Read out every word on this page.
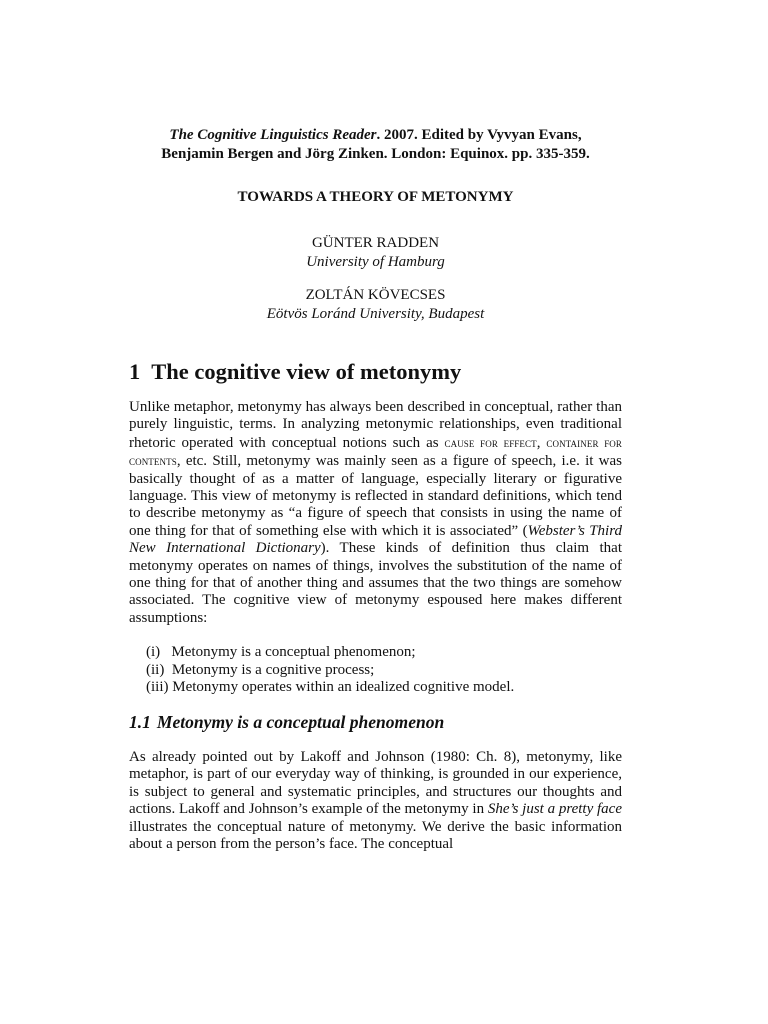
The Cognitive Linguistics Reader. 2007. Edited by Vyvyan Evans,
Benjamin Bergen and Jörg Zinken. London: Equinox. pp. 335-359.

TOWARDS A THEORY OF METONYMY
GÜNTER RADDEN
University of Hamburg
ZOLTÁN KÖVECSES
Eötvös Loránd University, Budapest
1 The cognitive view of metonymy

Unlike metaphor, metonymy has always been described in conceptual, rather than purely linguistic, terms. In analyzing metonymic relationships, even traditional rhetoric operated with conceptual notions such as cause for effect, container for contents, etc. Still, metonymy was mainly seen as a figure of speech, i.e. it was basically thought of as a matter of language, especially literary or figurative language. This view of metonymy is reflected in standard definitions, which tend to describe metonymy as “a figure of speech that consists in using the name of one thing for that of something else with which it is associated” (Webster’s Third New International Dictionary). These kinds of definition thus claim that metonymy operates on names of things, involves the substitution of the name of one thing for that of another thing and assumes that the two things are somehow associated. The cognitive view of metonymy espoused here makes different assumptions:

(i)   Metonymy is a conceptual phenomenon;
(ii)  Metonymy is a cognitive process;
(iii) Metonymy operates within an idealized cognitive model.
1.1 Metonymy is a conceptual phenomenon

As already pointed out by Lakoff and Johnson (1980: Ch. 8), metonymy, like metaphor, is part of our everyday way of thinking, is grounded in our experience, is subject to general and systematic principles, and structures our thoughts and actions. Lakoff and Johnson’s example of the metonymy in She’s just a pretty face illustrates the conceptual nature of metonymy. We derive the basic information about a person from the person’s face. The conceptual
